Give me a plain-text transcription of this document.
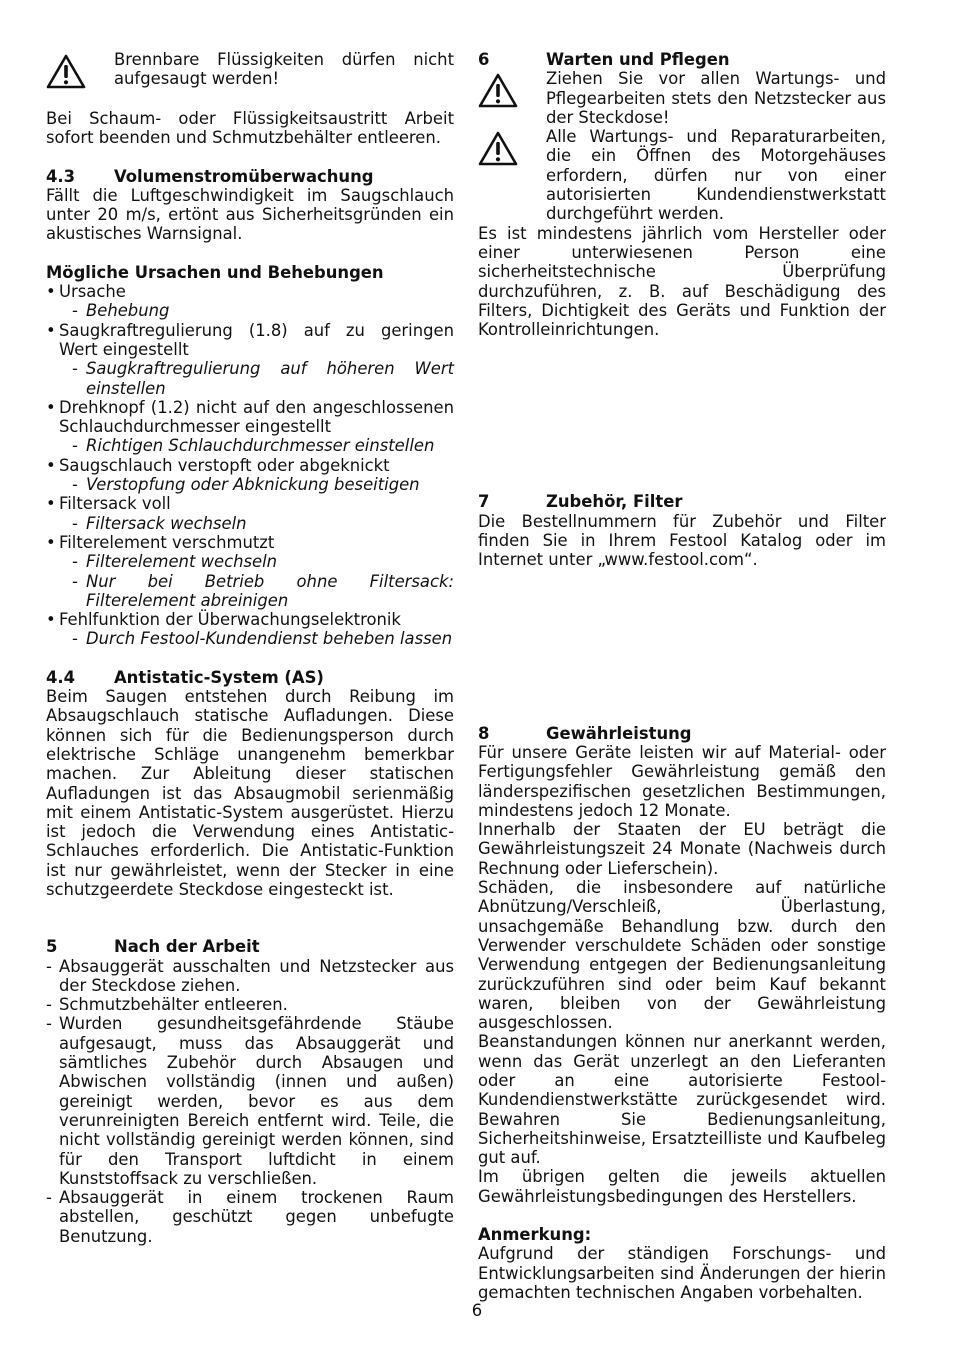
Brennbare Flüssigkeiten dürfen nicht aufgesaugt werden!

Bei Schaum- oder Flüssigkeitsaustritt Arbeit sofort beenden und Schmutzbehälter entleeren.

4.3 Volumenstromüberwachung

Fällt die Luftgeschwindigkeit im Saugschlauch unter 20 m/s, ertönt aus Sicherheitsgründen ein akustisches Warnsignal.

Mögliche Ursachen und Behebungen
• Ursache
- Behebung

• Saugkraftregulierung (1.8) auf zu geringen Wert eingestellt

- Saugkraftregulierung auf höheren Wert einstellen

• Drehknopf (1.2) nicht auf den angeschlossenen Schlauchdurchmesser eingestellt

- Richtigen Schlauchdurchmesser einstellen
• Saugschlauch verstopft oder abgeknickt
- Verstopfung oder Abknickung beseitigen
• Filtersack voll
- Filtersack wechseln
• Filterelement verschmutzt
- Filterelement wechseln
- Nur bei Betrieb ohne Filtersack: Filterelement abreinigen
• Fehlfunktion der Überwachungselektronik
- Durch Festool-Kundendienst beheben lassen
4.4 Antistatic-System (AS)

Beim Saugen entstehen durch Reibung im Absaugschlauch statische Aufladungen. Diese können sich für die Bedienungsperson durch elektrische Schläge unangenehm bemerkbar machen. Zur Ableitung dieser statischen Aufladungen ist das Absaugmobil serienmäßig mit einem Antistatic-System ausgerüstet. Hierzu ist jedoch die Verwendung eines Antistatic-Schlauches erforderlich. Die Antistatic-Funktion ist nur gewährleistet, wenn der Stecker in eine schutzgeerdete Steckdose eingesteckt ist.

5	Nach der Arbeit
- Absauggerät ausschalten und Netzstecker aus der Steckdose ziehen.
- Schmutzbehälter entleeren.
- Wurden gesundheitsgefährdende Stäube aufgesaugt, muss das Absauggerät und sämtliches Zubehör durch Absaugen und Abwischen vollständig (innen und außen) gereinigt werden, bevor es aus dem verunreinigten Bereich entfernt wird. Teile, die nicht vollständig gereinigt werden können, sind für den Transport luftdicht in einem Kunststoffsack zu verschließen.
- Absauggerät in einem trockenen Raum abstellen, geschützt gegen unbefugte Benutzung.
6	Warten und Pflegen
Ziehen Sie vor allen Wartungs- und Pflegearbeiten stets den Netzstecker aus der Steckdose!
Alle Wartungs- und Reparaturarbeiten, die ein Öffnen des Motorgehäuses erfordern, dürfen nur von einer autorisierten Kundendienstwerkstatt durchgeführt werden.

Es ist mindestens jährlich vom Hersteller oder einer unterwiesenen Person eine sicherheitstechnische Überprüfung durchzuführen, z. B. auf Beschädigung des Filters, Dichtigkeit des Geräts und Funktion der Kontrolleinrichtungen.

7	Zubehör, Filter

Die Bestellnummern für Zubehör und Filter finden Sie in Ihrem Festool Katalog oder im Internet unter „www.festool.com“.

8	Gewährleistung

Für unsere Geräte leisten wir auf Material- oder Fertigungsfehler Gewährleistung gemäß den länderspezifischen gesetzlichen Bestimmungen, mindestens jedoch 12 Monate.

Innerhalb der Staaten der EU beträgt die Gewährleistungszeit 24 Monate (Nachweis durch Rechnung oder Lieferschein).

Schäden, die insbesondere auf natürliche Abnützung/Verschleiß, Überlastung, unsachgemäße Behandlung bzw. durch den Verwender verschuldete Schäden oder sonstige Verwendung entgegen der Bedienungsanleitung zurückzuführen sind oder beim Kauf bekannt waren, bleiben von der Gewährleistung ausgeschlossen.

Beanstandungen können nur anerkannt werden, wenn das Gerät unzerlegt an den Lieferanten oder an eine autorisierte Festool-Kundendienstwerkstätte zurückgesendet wird. Bewahren Sie Bedienungsanleitung, Sicherheitshinweise, Ersatzteilliste und Kaufbeleg gut auf.

Im übrigen gelten die jeweils aktuellen Gewährleistungsbedingungen des Herstellers.

Anmerkung:

Aufgrund der ständigen Forschungs- und Entwicklungsarbeiten sind Änderungen der hierin gemachten technischen Angaben vorbehalten.

6
